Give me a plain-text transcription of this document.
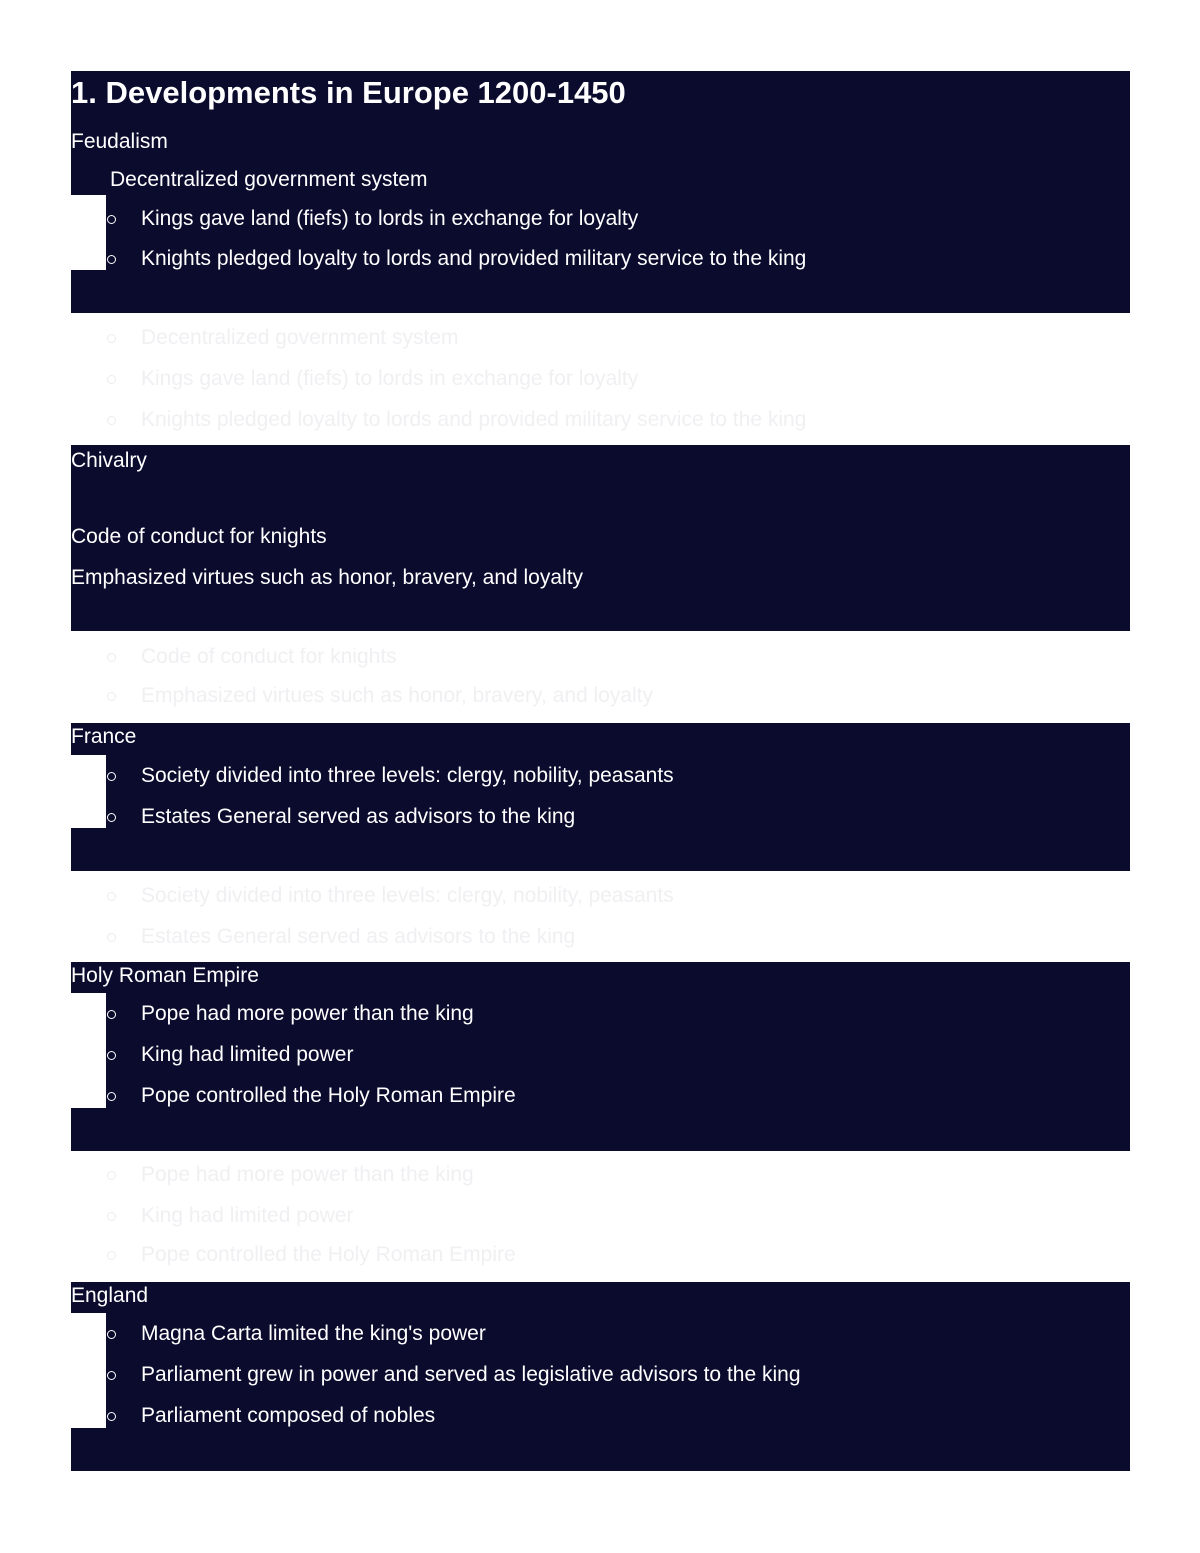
1. Developments in Europe 1200-1450
Feudalism
Decentralized government system
Kings gave land (fiefs) to lords in exchange for loyalty
Knights pledged loyalty to lords and provided military service to the king
Decentralized government system
Kings gave land (fiefs) to lords in exchange for loyalty
Knights pledged loyalty to lords and provided military service to the king
Chivalry
Code of conduct for knights
Emphasized virtues such as honor, bravery, and loyalty
Code of conduct for knights
Emphasized virtues such as honor, bravery, and loyalty
France
Society divided into three levels: clergy, nobility, peasants
Estates General served as advisors to the king
Society divided into three levels: clergy, nobility, peasants
Estates General served as advisors to the king
Holy Roman Empire
Pope had more power than the king
King had limited power
Pope controlled the Holy Roman Empire
Pope had more power than the king
King had limited power
Pope controlled the Holy Roman Empire
England
Magna Carta limited the king's power
Parliament grew in power and served as legislative advisors to the king
Parliament composed of nobles
